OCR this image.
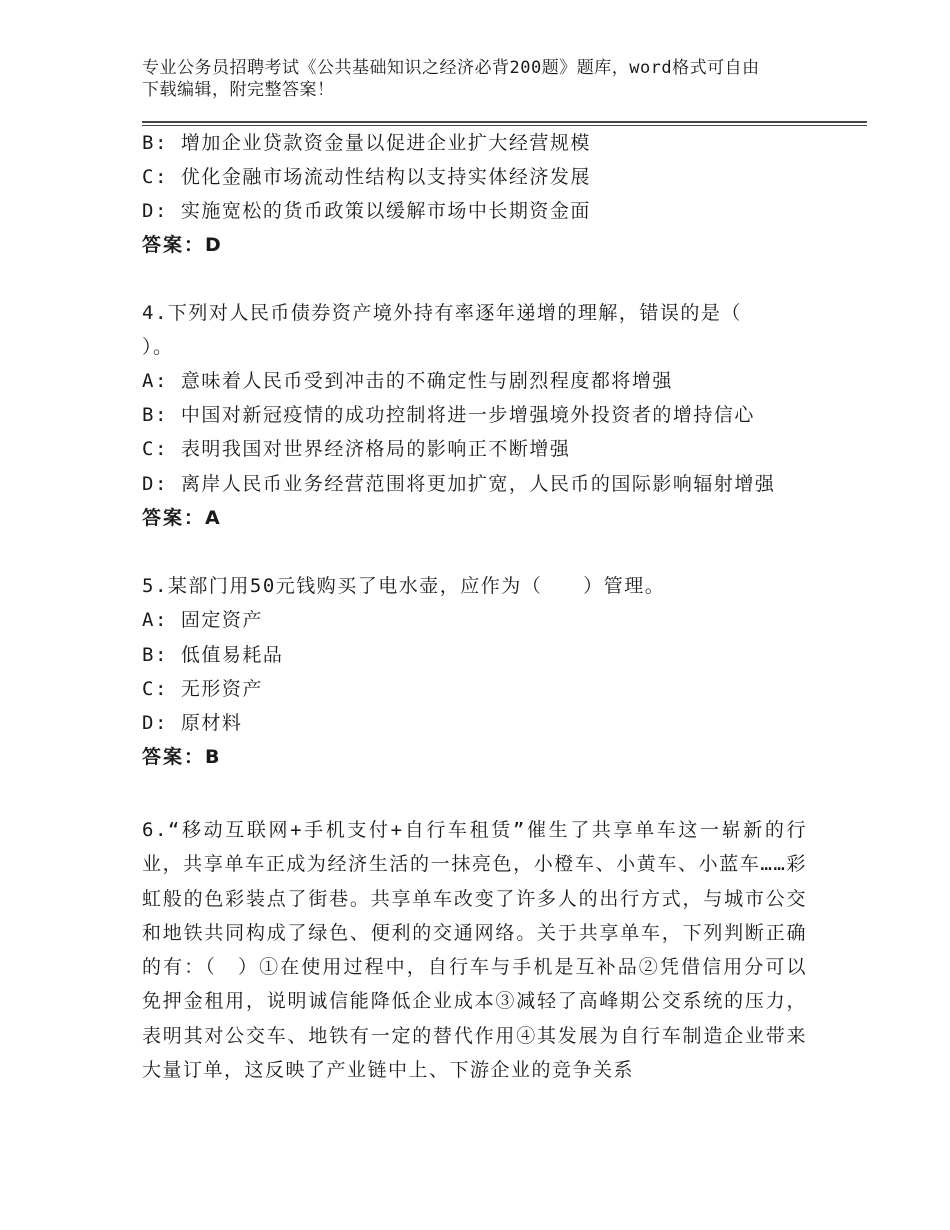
专业公务员招聘考试《公共基础知识之经济必背200题》题库，word格式可自由
下载编辑，附完整答案！
B: 增加企业贷款资金量以促进企业扩大经营规模
C: 优化金融市场流动性结构以支持实体经济发展
D: 实施宽松的货币政策以缓解市场中长期资金面
答案：D
4.下列对人民币债券资产境外持有率逐年递增的理解，错误的是（
）。
A: 意味着人民币受到冲击的不确定性与剧烈程度都将增强
B: 中国对新冠疫情的成功控制将进一步增强境外投资者的增持信心
C: 表明我国对世界经济格局的影响正不断增强
D: 离岸人民币业务经营范围将更加扩宽，人民币的国际影响辐射增强
答案：A
5.某部门用50元钱购买了电水壶，应作为（　　）管理。
A: 固定资产
B: 低值易耗品
C: 无形资产
D: 原材料
答案：B
6.“移动互联网+手机支付+自行车租赁”催生了共享单车这一崭新的行业，共享单车正成为经济生活的一抹亮色，小橙车、小黄车、小蓝车……彩虹般的色彩装点了街巷。共享单车改变了许多人的出行方式，与城市公交和地铁共同构成了绿色、便利的交通网络。关于共享单车，下列判断正确的有：（　）①在使用过程中，自行车与手机是互补品②凭借信用分可以免押金租用，说明诚信能降低企业成本③减轻了高峰期公交系统的压力，表明其对公交车、地铁有一定的替代作用④其发展为自行车制造企业带来大量订单，这反映了产业链中上、下游企业的竞争关系
